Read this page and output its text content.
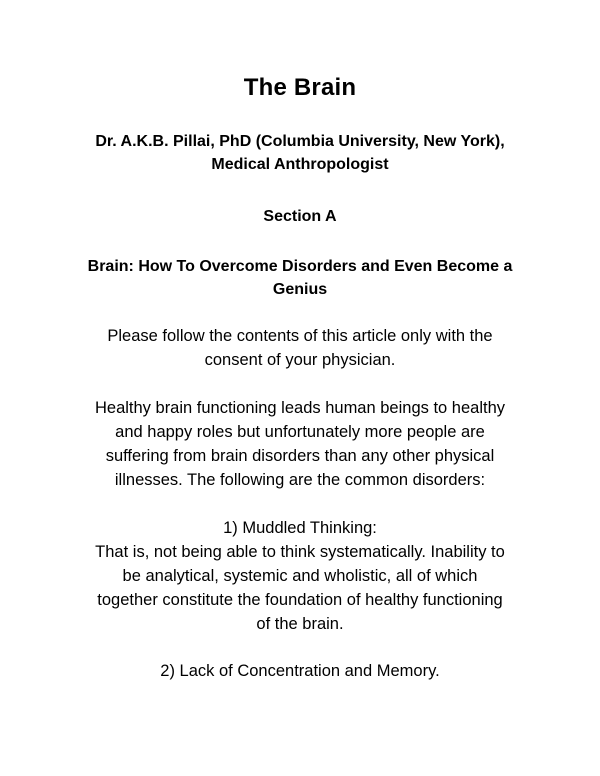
The Brain

Dr. A.K.B. Pillai, PhD (Columbia University, New York),

Medical Anthropologist

Section A

Brain: How To Overcome Disorders and Even Become a

Genius

Please follow the contents of this article only with the

consent of your physician.

Healthy brain functioning leads human beings to healthy

and happy roles but unfortunately more people are

suffering from brain disorders than any other physical

illnesses. The following are the common disorders:

1) Muddled Thinking:

That is, not being able to think systematically. Inability to

be analytical, systemic and wholistic, all of which

together constitute the foundation of healthy functioning

of the brain.

2) Lack of Concentration and Memory.
